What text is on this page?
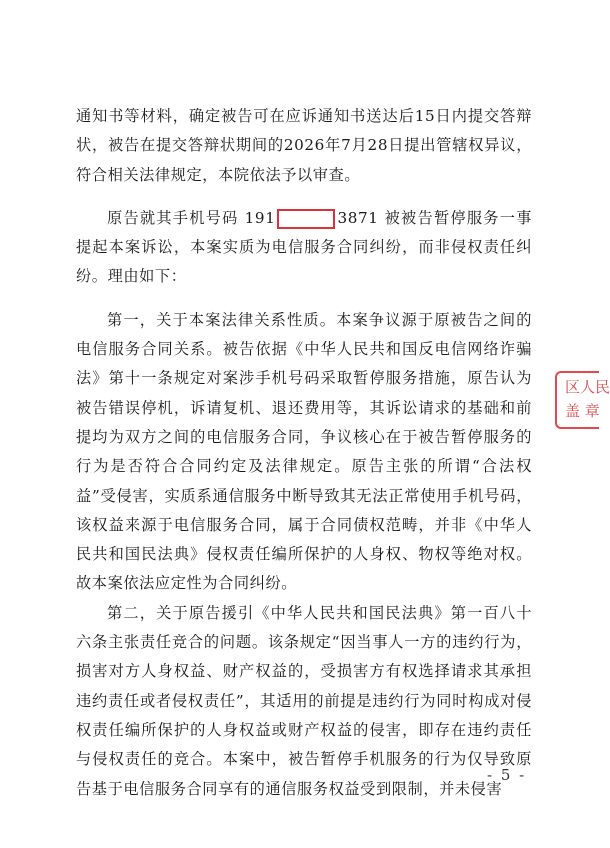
通知书等材料，确定被告可在应诉通知书送达后15日内提交答辩状，被告在提交答辩状期间的2026年7月28日提出管辖权异议，符合相关法律规定，本院依法予以审查。

原告就其手机号码 191	3871 被被告暂停服务一事提起本案诉讼，本案实质为电信服务合同纠纷，而非侵权责任纠纷。理由如下：

第一，关于本案法律关系性质。本案争议源于原被告之间的电信服务合同关系。被告依据《中华人民共和国反电信网络诈骗法》第十一条规定对案涉手机号码采取暂停服务措施，原告认为被告错误停机，诉请复机、退还费用等，其诉讼请求的基础和前提均为双方之间的电信服务合同，争议核心在于被告暂停服务的行为是否符合合同约定及法律规定。原告主张的所谓“合法权益”受侵害，实质系通信服务中断导致其无法正常使用手机号码，该权益来源于电信服务合同，属于合同债权范畴，并非《中华人民共和国民法典》侵权责任编所保护的人身权、物权等绝对权。故本案依法应定性为合同纠纷。

第二，关于原告援引《中华人民共和国民法典》第一百八十六条主张责任竞合的问题。该条规定“因当事人一方的违约行为，损害对方人身权益、财产权益的，受损害方有权选择请求其承担违约责任或者侵权责任”，其适用的前提是违约行为同时构成对侵权责任编所保护的人身权益或财产权益的侵害，即存在违约责任与侵权责任的竞合。本案中，被告暂停手机服务的行为仅导致原告基于电信服务合同享有的通信服务权益受到限制，并未侵害

区人民
盖 章
- 5 -
